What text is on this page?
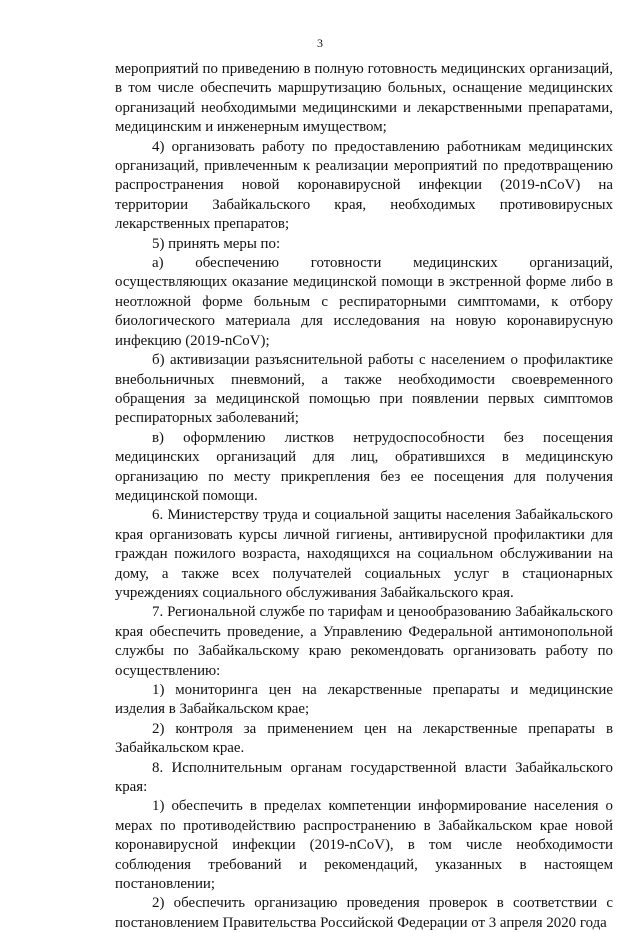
3

мероприятий по приведению в полную готовность медицинских организаций, в том числе обеспечить маршрутизацию больных, оснащение медицинских организаций необходимыми медицинскими и лекарственными препаратами, медицинским и инженерным имуществом;

4) организовать работу по предоставлению работникам медицинских организаций, привлеченным к реализации мероприятий по предотвращению распространения новой коронавирусной инфекции (2019-nCoV) на территории Забайкальского края, необходимых противовирусных лекарственных препаратов;

5) принять меры по:

а) обеспечению готовности медицинских организаций, осуществляющих оказание медицинской помощи в экстренной форме либо в неотложной форме больным с респираторными симптомами, к отбору биологического материала для исследования на новую коронавирусную инфекцию (2019-nCoV);

б) активизации разъяснительной работы с населением о профилактике внебольничных пневмоний, а также необходимости своевременного обращения за медицинской помощью при появлении первых симптомов респираторных заболеваний;

в) оформлению листков нетрудоспособности без посещения медицинских организаций для лиц, обратившихся в медицинскую организацию по месту прикрепления без ее посещения для получения медицинской помощи.

6. Министерству труда и социальной защиты населения Забайкальского края организовать курсы личной гигиены, антивирусной профилактики для граждан пожилого возраста, находящихся на социальном обслуживании на дому, а также всех получателей социальных услуг в стационарных учреждениях социального обслуживания Забайкальского края.

7. Региональной службе по тарифам и ценообразованию Забайкальского края обеспечить проведение, а Управлению Федеральной антимонопольной службы по Забайкальскому краю рекомендовать организовать работу по осуществлению:

1) мониторинга цен на лекарственные препараты и медицинские изделия в Забайкальском крае;

2) контроля за применением цен на лекарственные препараты в Забайкальском крае.

8. Исполнительным органам государственной власти Забайкальского края:

1) обеспечить в пределах компетенции информирование населения о мерах по противодействию распространению в Забайкальском крае новой коронавирусной инфекции (2019-nCoV), в том числе необходимости соблюдения требований и рекомендаций, указанных в настоящем постановлении;

2) обеспечить организацию проведения проверок в соответствии с постановлением Правительства Российской Федерации от 3 апреля 2020 года
